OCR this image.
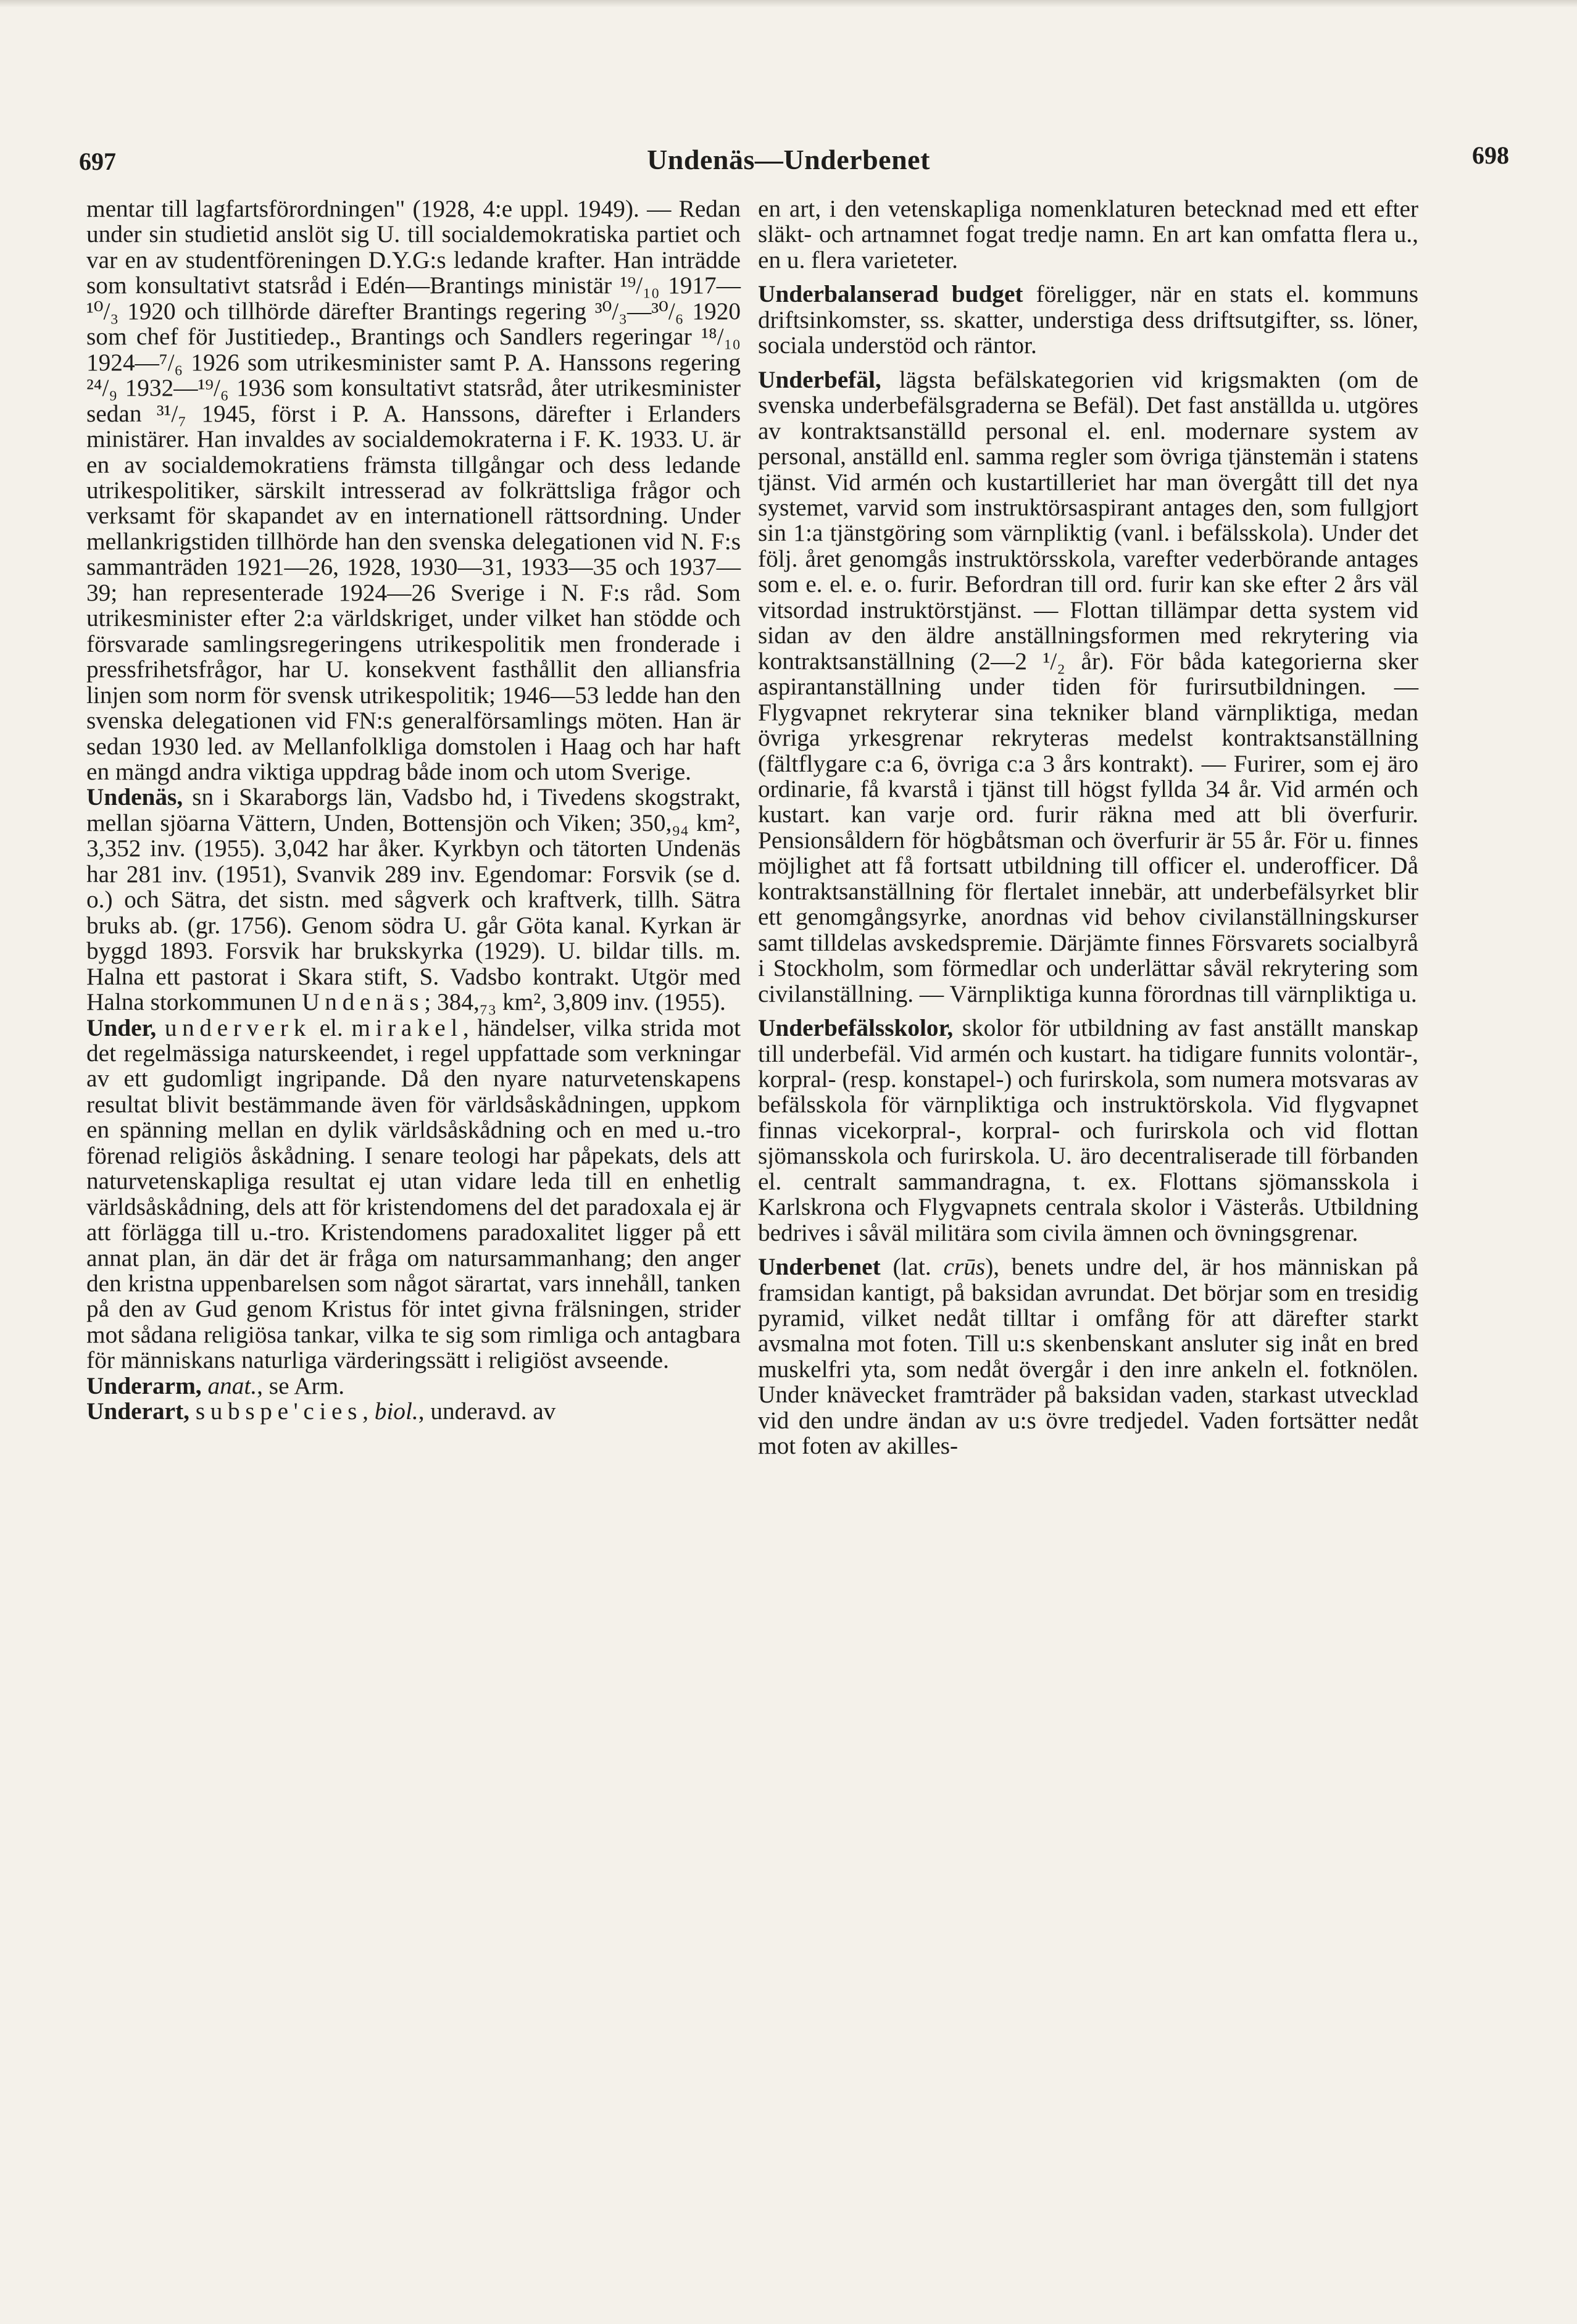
697	Undenäs—Underbenet	698

mentar till lagfartsförordningen" (1928, 4:e uppl. 1949). — Redan under sin studietid anslöt sig U. till socialdemokratiska partiet och var en av studentföreningen D.Y.G:s ledande krafter. Han inträdde som konsultativt statsråd i Edén—Brantings ministär ¹⁹/₁₀ 1917—¹⁰/₃ 1920 och tillhörde därefter Brantings regering ³⁰/₃—³⁰/₆ 1920 som chef för Justitiedep., Brantings och Sandlers regeringar ¹⁸/₁₀ 1924—⁷/₆ 1926 som utrikesminister samt P. A. Hanssons regering ²⁴/₉ 1932—¹⁹/₆ 1936 som konsultativt statsråd, åter utrikesminister sedan ³¹/₇ 1945, först i P. A. Hanssons, därefter i Erlanders ministärer. Han invaldes av socialdemokraterna i F. K. 1933. U. är en av socialdemokratiens främsta tillgångar och dess ledande utrikespolitiker, särskilt intresserad av folkrättsliga frågor och verksamt för skapandet av en internationell rättsordning. Under mellankrigstiden tillhörde han den svenska delegationen vid N. F:s sammanträden 1921—26, 1928, 1930—31, 1933—35 och 1937—39; han representerade 1924—26 Sverige i N. F:s råd. Som utrikesminister efter 2:a världskriget, under vilket han stödde och försvarade samlingsregeringens utrikespolitik men fronderade i pressfrihetsfrågor, har U. konsekvent fasthållit den alliansfria linjen som norm för svensk utrikespolitik; 1946—53 ledde han den svenska delegationen vid FN:s generalförsamlings möten. Han är sedan 1930 led. av Mellanfolkliga domstolen i Haag och har haft en mängd andra viktiga uppdrag både inom och utom Sverige.

Undenäs, sn i Skaraborgs län, Vadsbo hd, i Tivedens skogstrakt, mellan sjöarna Vättern, Unden, Bottensjön och Viken; 350,₉₄ km², 3,352 inv. (1955). 3,042 har åker. Kyrkbyn och tätorten Undenäs har 281 inv. (1951), Svanvik 289 inv. Egendomar: Forsvik (se d. o.) och Sätra, det sistn. med sågverk och kraftverk, tillh. Sätra bruks ab. (gr. 1756). Genom södra U. går Göta kanal. Kyrkan är byggd 1893. Forsvik har brukskyrka (1929). U. bildar tills. m. Halna ett pastorat i Skara stift, S. Vadsbo kontrakt. Utgör med Halna storkommunen Undenäs; 384,₇₃ km², 3,809 inv. (1955).

Under, underverk el. mirakel, händelser, vilka strida mot det regelmässiga naturskeendet, i regel uppfattade som verkningar av ett gudomligt ingripande. Då den nyare naturvetenskapens resultat blivit bestämmande även för världsåskådningen, uppkom en spänning mellan en dylik världsåskådning och en med u.-tro förenad religiös åskådning. I senare teologi har påpekats, dels att naturvetenskapliga resultat ej utan vidare leda till en enhetlig världsåskådning, dels att för kristendomens del det paradoxala ej är att förlägga till u.-tro. Kristendomens paradoxalitet ligger på ett annat plan, än där det är fråga om natursammanhang; den anger den kristna uppenbarelsen som något särartat, vars innehåll, tanken på den av Gud genom Kristus för intet givna frälsningen, strider mot sådana religiösa tankar, vilka te sig som rimliga och antagbara för människans naturliga värderingssätt i religiöst avseende.

Underarm, anat., se Arm.

Underart, subspe'cies, biol., underavd. av

en art, i den vetenskapliga nomenklaturen betecknad med ett efter släkt- och artnamnet fogat tredje namn. En art kan omfatta flera u., en u. flera varieteter.

Underbalanserad budget föreligger, när en stats el. kommuns driftsinkomster, ss. skatter, understiga dess driftsutgifter, ss. löner, sociala understöd och räntor.

Underbefäl, lägsta befälskategorien vid krigsmakten (om de svenska underbefälsgraderna se Befäl). Det fast anställda u. utgöres av kontraktsanställd personal el. enl. modernare system av personal, anställd enl. samma regler som övriga tjänstemän i statens tjänst. Vid armén och kustartilleriet har man övergått till det nya systemet, varvid som instruktörsaspirant antages den, som fullgjort sin 1:a tjänstgöring som värnpliktig (vanl. i befälsskola). Under det följ. året genomgås instruktörsskola, varefter vederbörande antages som e. el. e. o. furir. Befordran till ord. furir kan ske efter 2 års väl vitsordad instruktörstjänst. — Flottan tillämpar detta system vid sidan av den äldre anställningsformen med rekrytering via kontraktsanställning (2—2 ¹/₂ år). För båda kategorierna sker aspirantanställning under tiden för furirsutbildningen. — Flygvapnet rekryterar sina tekniker bland värnpliktiga, medan övriga yrkesgrenar rekryteras medelst kontraktsanställning (fältflygare c:a 6, övriga c:a 3 års kontrakt). — Furirer, som ej äro ordinarie, få kvarstå i tjänst till högst fyllda 34 år. Vid armén och kustart. kan varje ord. furir räkna med att bli överfurir. Pensionsåldern för högbåtsman och överfurir är 55 år. För u. finnes möjlighet att få fortsatt utbildning till officer el. underofficer. Då kontraktsanställning för flertalet innebär, att underbefälsyrket blir ett genomgångsyrke, anordnas vid behov civilanställningskurser samt tilldelas avskedspremie. Därjämte finnes Försvarets socialbyrå i Stockholm, som förmedlar och underlättar såväl rekrytering som civilanställning. — Värnpliktiga kunna förordnas till värnpliktiga u.

Underbefälsskolor, skolor för utbildning av fast anställt manskap till underbefäl. Vid armén och kustart. ha tidigare funnits volontär-, korpral- (resp. konstapel-) och furirskola, som numera motsvaras av befälsskola för värnpliktiga och instruktörskola. Vid flygvapnet finnas vicekorpral-, korpral- och furirskola och vid flottan sjömansskola och furirskola. U. äro decentraliserade till förbanden el. centralt sammandragna, t. ex. Flottans sjömansskola i Karlskrona och Flygvapnets centrala skolor i Västerås. Utbildning bedrives i såväl militära som civila ämnen och övningsgrenar.

Underbenet (lat. crūs), benets undre del, är hos människan på framsidan kantigt, på baksidan avrundat. Det börjar som en tresidig pyramid, vilket nedåt tilltar i omfång för att därefter starkt avsmalna mot foten. Till u:s skenbenskant ansluter sig inåt en bred muskelfri yta, som nedåt övergår i den inre ankeln el. fotknölen. Under knävecket framträder på baksidan vaden, starkast utvecklad vid den undre ändan av u:s övre tredjedel. Vaden fortsätter nedåt mot foten av akilles-
